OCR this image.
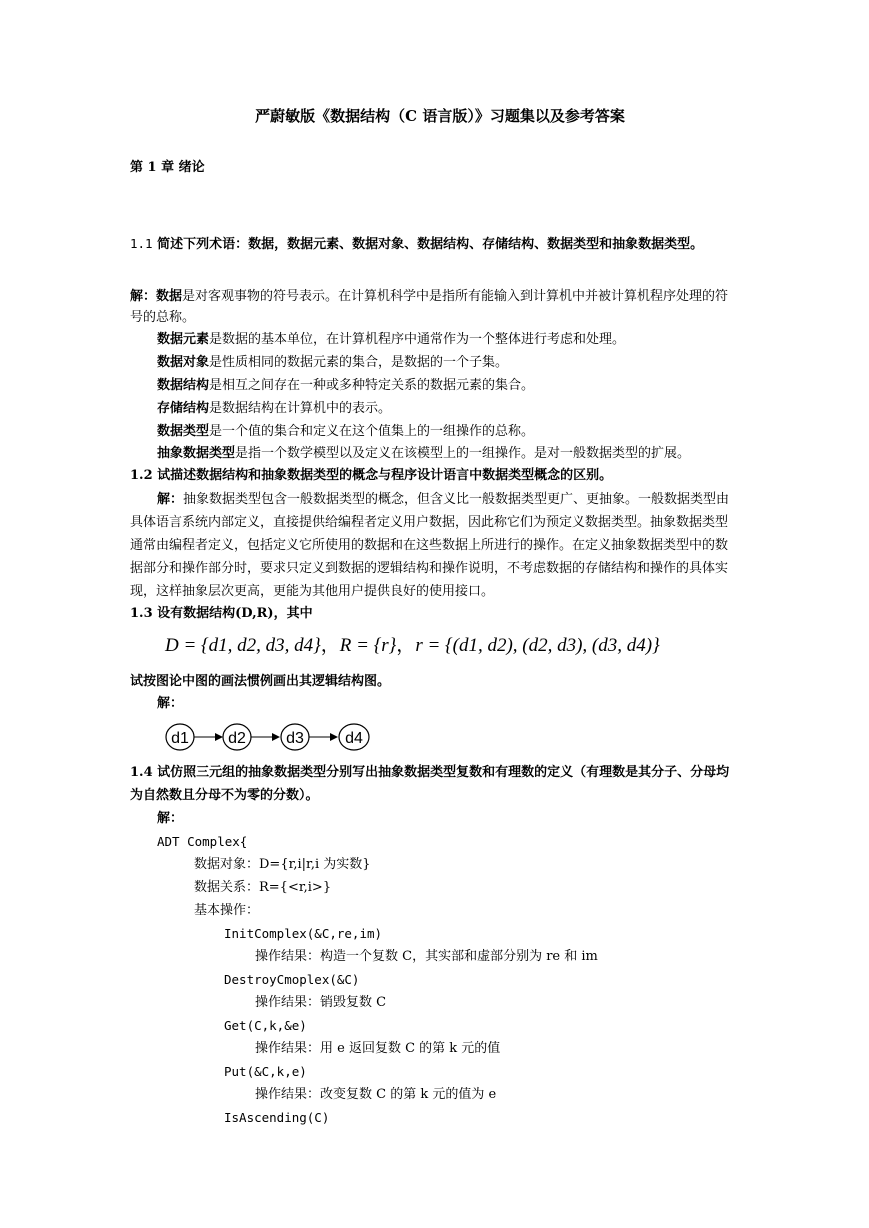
严蔚敏版《数据结构（C 语言版）》习题集以及参考答案
第 1 章 绪论
1.1 简述下列术语：数据，数据元素、数据对象、数据结构、存储结构、数据类型和抽象数据类型。
解：数据是对客观事物的符号表示。在计算机科学中是指所有能输入到计算机中并被计算机程序处理的符
号的总称。
数据元素是数据的基本单位，在计算机程序中通常作为一个整体进行考虑和处理。
数据对象是性质相同的数据元素的集合，是数据的一个子集。
数据结构是相互之间存在一种或多种特定关系的数据元素的集合。
存储结构是数据结构在计算机中的表示。
数据类型是一个值的集合和定义在这个值集上的一组操作的总称。
抽象数据类型是指一个数学模型以及定义在该模型上的一组操作。是对一般数据类型的扩展。
1.2 试描述数据结构和抽象数据类型的概念与程序设计语言中数据类型概念的区别。
解：抽象数据类型包含一般数据类型的概念，但含义比一般数据类型更广、更抽象。一般数据类型由
具体语言系统内部定义，直接提供给编程者定义用户数据，因此称它们为预定义数据类型。抽象数据类型
通常由编程者定义，包括定义它所使用的数据和在这些数据上所进行的操作。在定义抽象数据类型中的数
据部分和操作部分时，要求只定义到数据的逻辑结构和操作说明，不考虑数据的存储结构和操作的具体实
现，这样抽象层次更高，更能为其他用户提供良好的使用接口。
1.3 设有数据结构(D,R)，其中
D = {d1, d2, d3, d4}，R = {r}，r = {(d1, d2), (d2, d3), (d3, d4)}
试按图论中图的画法惯例画出其逻辑结构图。
解：
d1 d2	d3	d4
1.4 试仿照三元组的抽象数据类型分别写出抽象数据类型复数和有理数的定义（有理数是其分子、分母均
为自然数且分母不为零的分数）。
解：
ADT Complex{
数据对象：D={r,i|r,i 为实数}
数据关系：R={<r,i>}
基本操作：
InitComplex(&C,re,im)
操作结果：构造一个复数 C，其实部和虚部分别为 re 和 im
DestroyCmoplex(&C)
操作结果：销毁复数 C
Get(C,k,&e)
操作结果：用 e 返回复数 C 的第 k 元的值
Put(&C,k,e)
操作结果：改变复数 C 的第 k 元的值为 e
IsAscending(C)
